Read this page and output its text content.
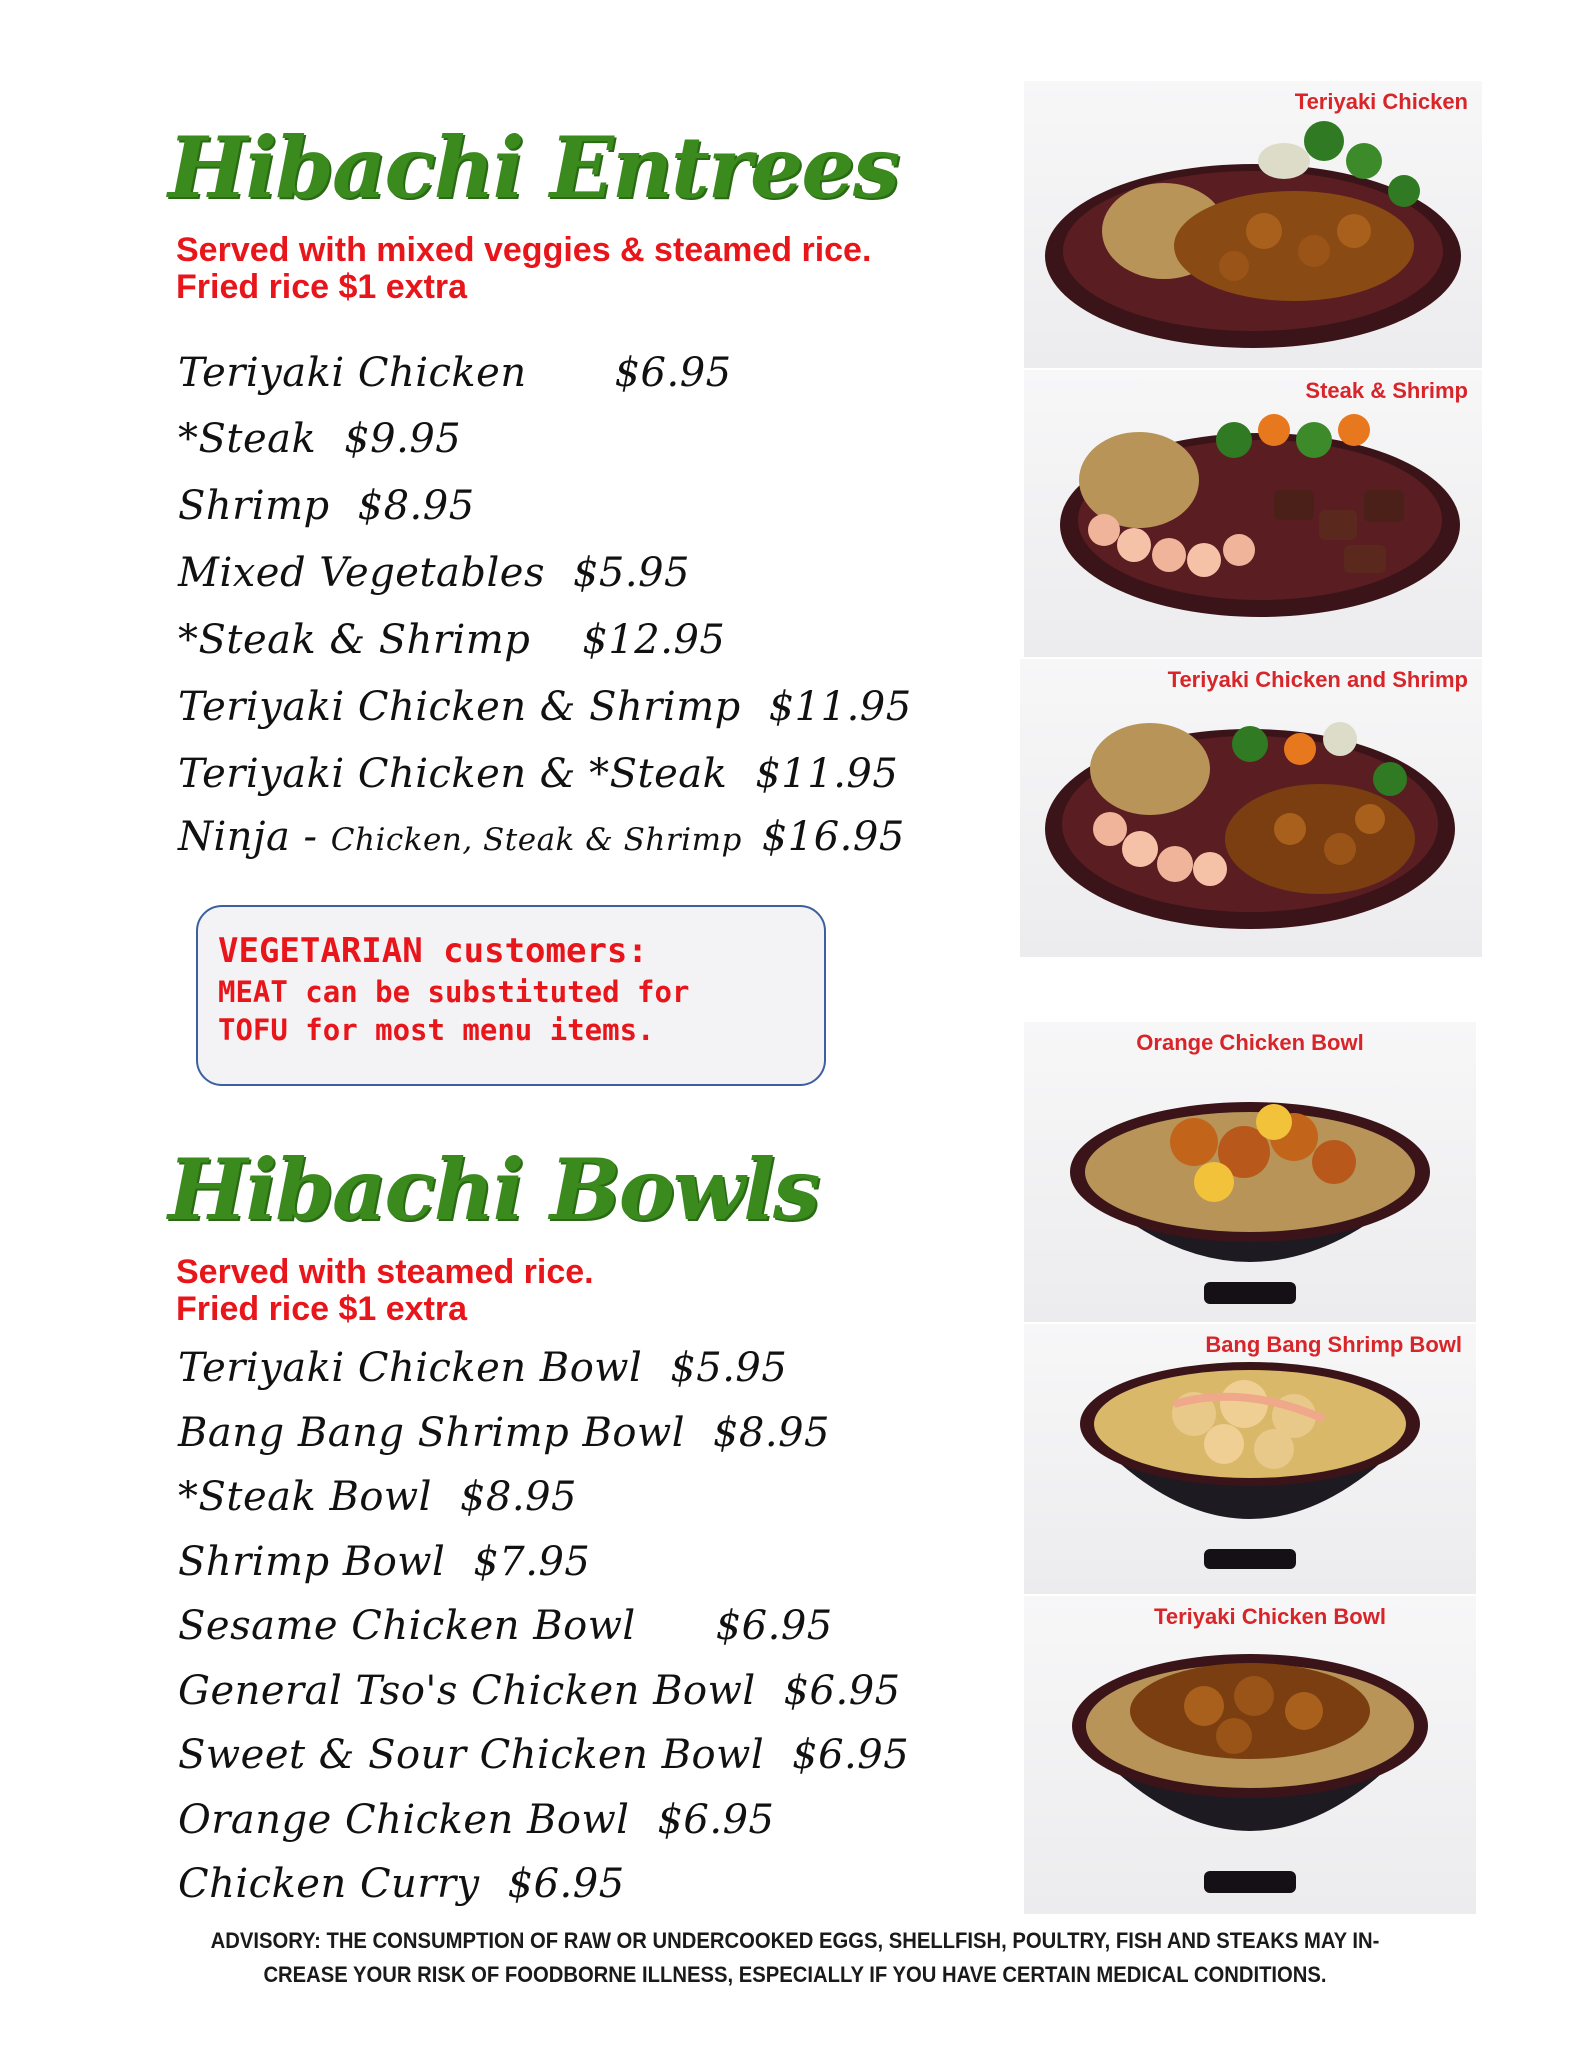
Hibachi Entrees
Served with mixed veggies & steamed rice.
Fried rice $1 extra
Teriyaki Chicken $6.95
*Steak $9.95
Shrimp $8.95
Mixed Vegetables $5.95
*Steak & Shrimp $12.95
Teriyaki Chicken & Shrimp $11.95
Teriyaki Chicken & *Steak $11.95
Ninja - Chicken, Steak & Shrimp $16.95
VEGETARIAN customers:
MEAT can be substituted for
TOFU for most menu items.
Hibachi Bowls
Served with steamed rice.
Fried rice $1 extra
Teriyaki Chicken Bowl $5.95
Bang Bang Shrimp Bowl $8.95
*Steak Bowl $8.95
Shrimp Bowl $7.95
Sesame Chicken Bowl $6.95
General Tso's Chicken Bowl $6.95
Sweet & Sour Chicken Bowl $6.95
Orange Chicken Bowl $6.95
Chicken Curry $6.95
Teriyaki Chicken
Steak & Shrimp
Teriyaki Chicken and Shrimp
Orange Chicken Bowl
Bang Bang Shrimp Bowl
Teriyaki Chicken Bowl
ADVISORY: THE CONSUMPTION OF RAW OR UNDERCOOKED EGGS, SHELLFISH, POULTRY, FISH AND STEAKS MAY IN-
CREASE YOUR RISK OF FOODBORNE ILLNESS, ESPECIALLY IF YOU HAVE CERTAIN MEDICAL CONDITIONS.
